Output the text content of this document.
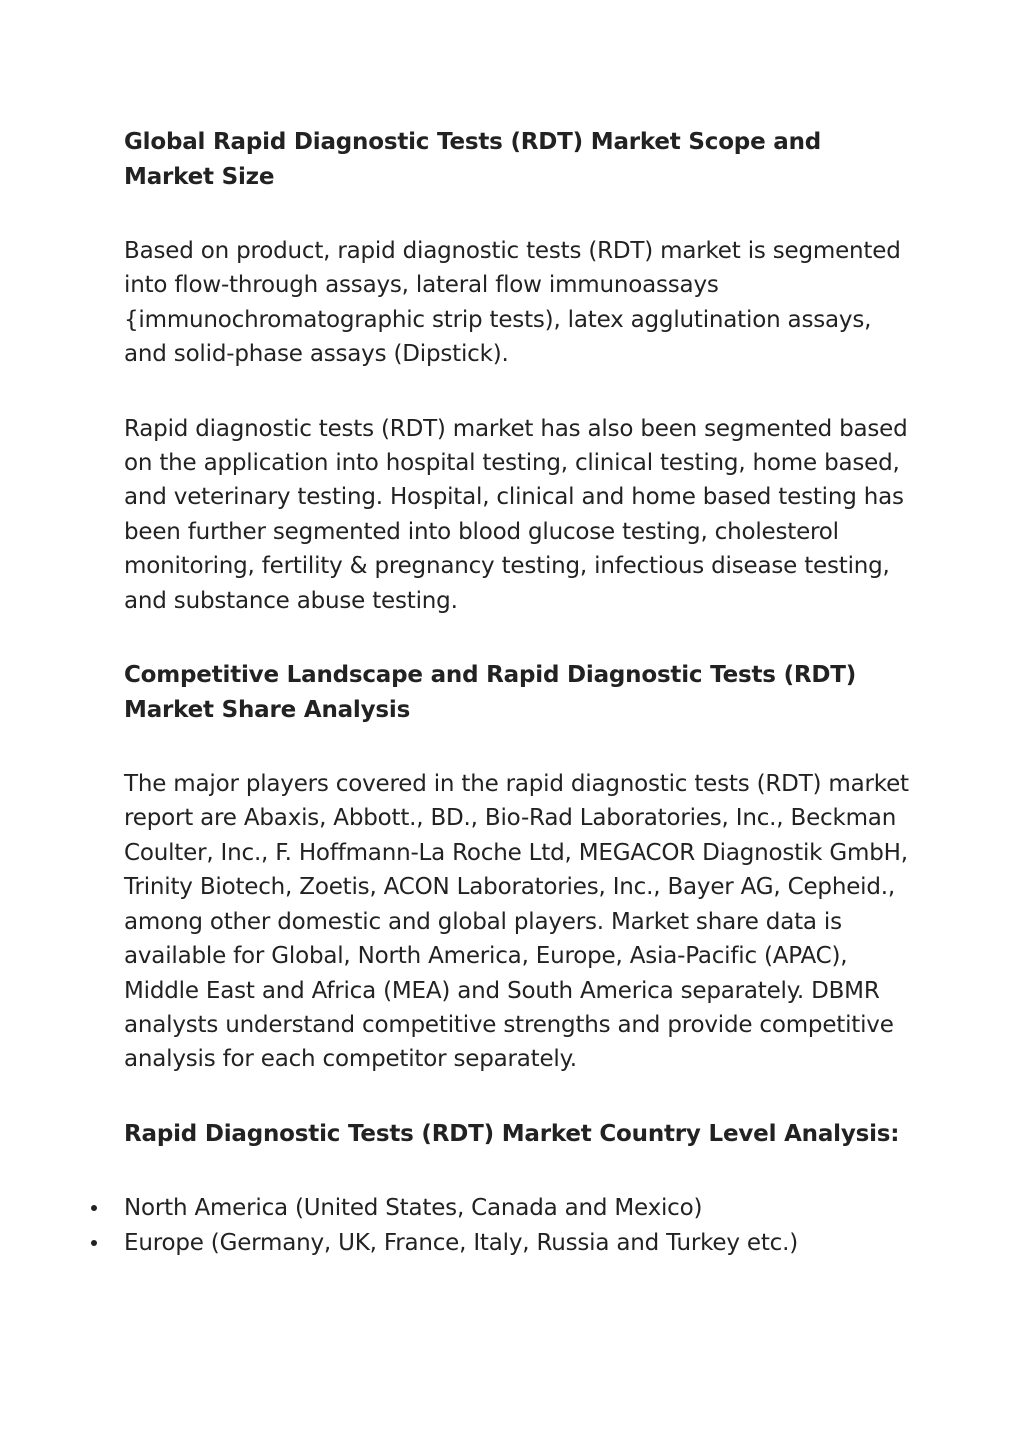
Global Rapid Diagnostic Tests (RDT) Market Scope and Market Size

Based on product, rapid diagnostic tests (RDT) market is segmented into flow-through assays, lateral flow immunoassays {immunochromatographic strip tests), latex agglutination assays, and solid-phase assays (Dipstick).

Rapid diagnostic tests (RDT) market has also been segmented based on the application into hospital testing, clinical testing, home based, and veterinary testing. Hospital, clinical and home based testing has been further segmented into blood glucose testing, cholesterol monitoring, fertility & pregnancy testing, infectious disease testing, and substance abuse testing.

Competitive Landscape and Rapid Diagnostic Tests (RDT) Market Share Analysis

The major players covered in the rapid diagnostic tests (RDT) market report are Abaxis, Abbott., BD., Bio-Rad Laboratories, Inc., Beckman Coulter, Inc., F. Hoffmann-La Roche Ltd, MEGACOR Diagnostik GmbH, Trinity Biotech, Zoetis, ACON Laboratories, Inc., Bayer AG, Cepheid., among other domestic and global players. Market share data is available for Global, North America, Europe, Asia-Pacific (APAC), Middle East and Africa (MEA) and South America separately. DBMR analysts understand competitive strengths and provide competitive analysis for each competitor separately.

Rapid Diagnostic Tests (RDT) Market Country Level Analysis:
North America (United States, Canada and Mexico)
Europe (Germany, UK, France, Italy, Russia and Turkey etc.)
